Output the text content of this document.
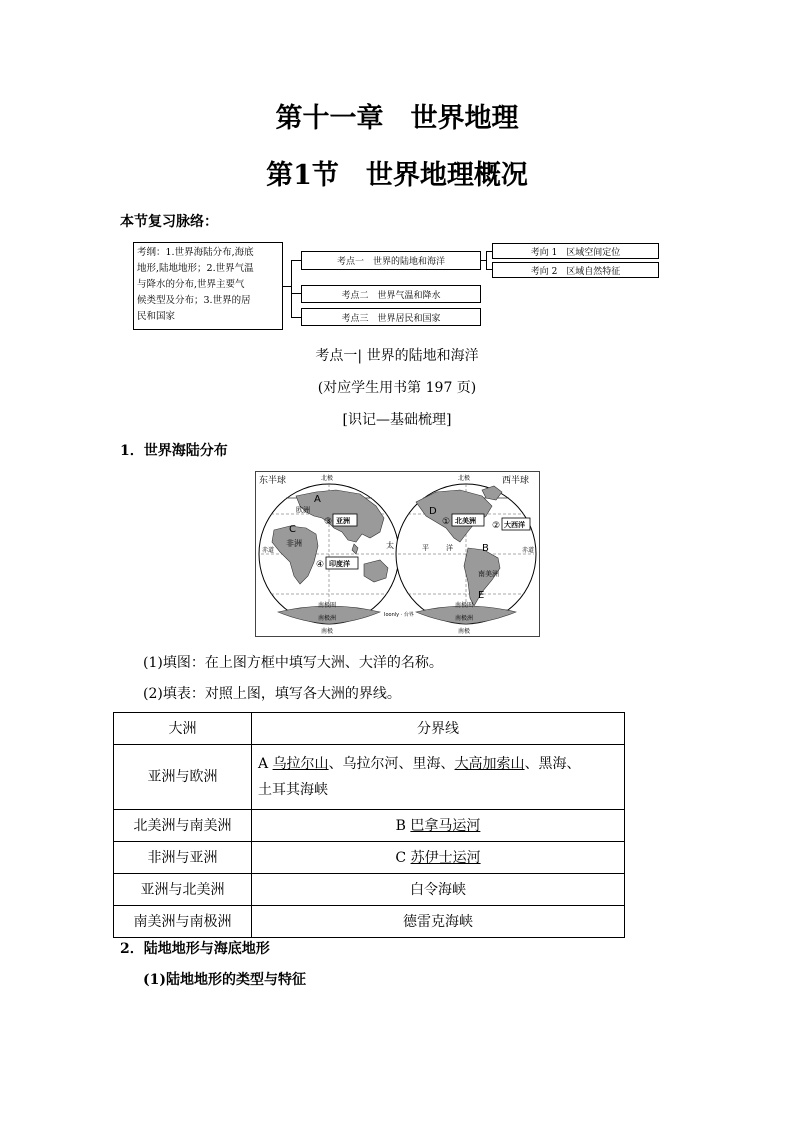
第十一章　世界地理
第1节　世界地理概况
本节复习脉络：
考纲：1.世界海陆分布,海底
地形,陆地地形；2.世界气温
与降水的分布,世界主要气
候类型及分布；3.世界的居
民和国家
考点一　世界的陆地和海洋
考点二　世界气温和降水
考点三　世界居民和国家
考向 1　区域空间定位
考向 2　区域自然特征
考点一| 世界的陆地和海洋
(对应学生用书第 197 页)
[识记—基础梳理]
1．世界海陆分布
东半球	西半球
北极	北极
南极	南极
南极圈	南极圈
南极洲	南极洲
赤道	赤道
欧洲
非洲
南美洲
太	平 洋
③ 亚洲
④ 印度洋
① 北美洲 ② 大西洋
A
B
C
D
E
Ioonly · 台界
(1)填图：在上图方框中填写大洲、大洋的名称。
(2)填表：对照上图，填写各大洲的界线。
大洲	分界线
亚洲与欧洲	A 乌拉尔山、乌拉尔河、里海、大高加索山、黑海、
土耳其海峡
北美洲与南美洲	B 巴拿马运河
非洲与亚洲	C 苏伊士运河
亚洲与北美洲	白令海峡
南美洲与南极洲	德雷克海峡
2．陆地地形与海底地形
(1)陆地地形的类型与特征
